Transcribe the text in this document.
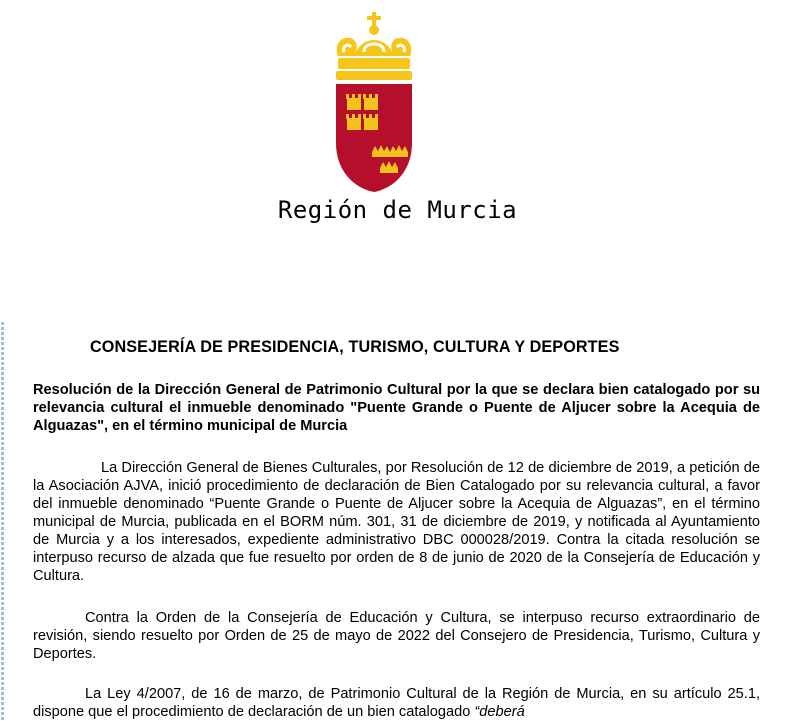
Región de Murcia
CONSEJERÍA DE PRESIDENCIA, TURISMO, CULTURA Y DEPORTES
Resolución de la Dirección General de Patrimonio Cultural por la que se declara bien catalogado por su relevancia cultural el inmueble denominado "Puente Grande o Puente de Aljucer sobre la Acequia de Alguazas", en el término municipal de Murcia

La Dirección General de Bienes Culturales, por Resolución de 12 de diciembre de 2019, a petición de la Asociación AJVA, inició procedimiento de declaración de Bien Catalogado por su relevancia cultural, a favor del inmueble denominado “Puente Grande o Puente de Aljucer sobre la Acequia de Alguazas”, en el término municipal de Murcia, publicada en el BORM núm. 301, 31 de diciembre de 2019, y notificada al Ayuntamiento de Murcia y a los interesados, expediente administrativo DBC 000028/2019. Contra la citada resolución se interpuso recurso de alzada que fue resuelto por orden de 8 de junio de 2020 de la Consejería de Educación y Cultura.

Contra la Orden de la Consejería de Educación y Cultura, se interpuso recurso extraordinario de revisión, siendo resuelto por Orden de 25 de mayo de 2022 del Consejero de Presidencia, Turismo, Cultura y Deportes.

La Ley 4/2007, de 16 de marzo, de Patrimonio Cultural de la Región de Murcia, en su artículo 25.1, dispone que el procedimiento de declaración de un bien catalogado “deberá
